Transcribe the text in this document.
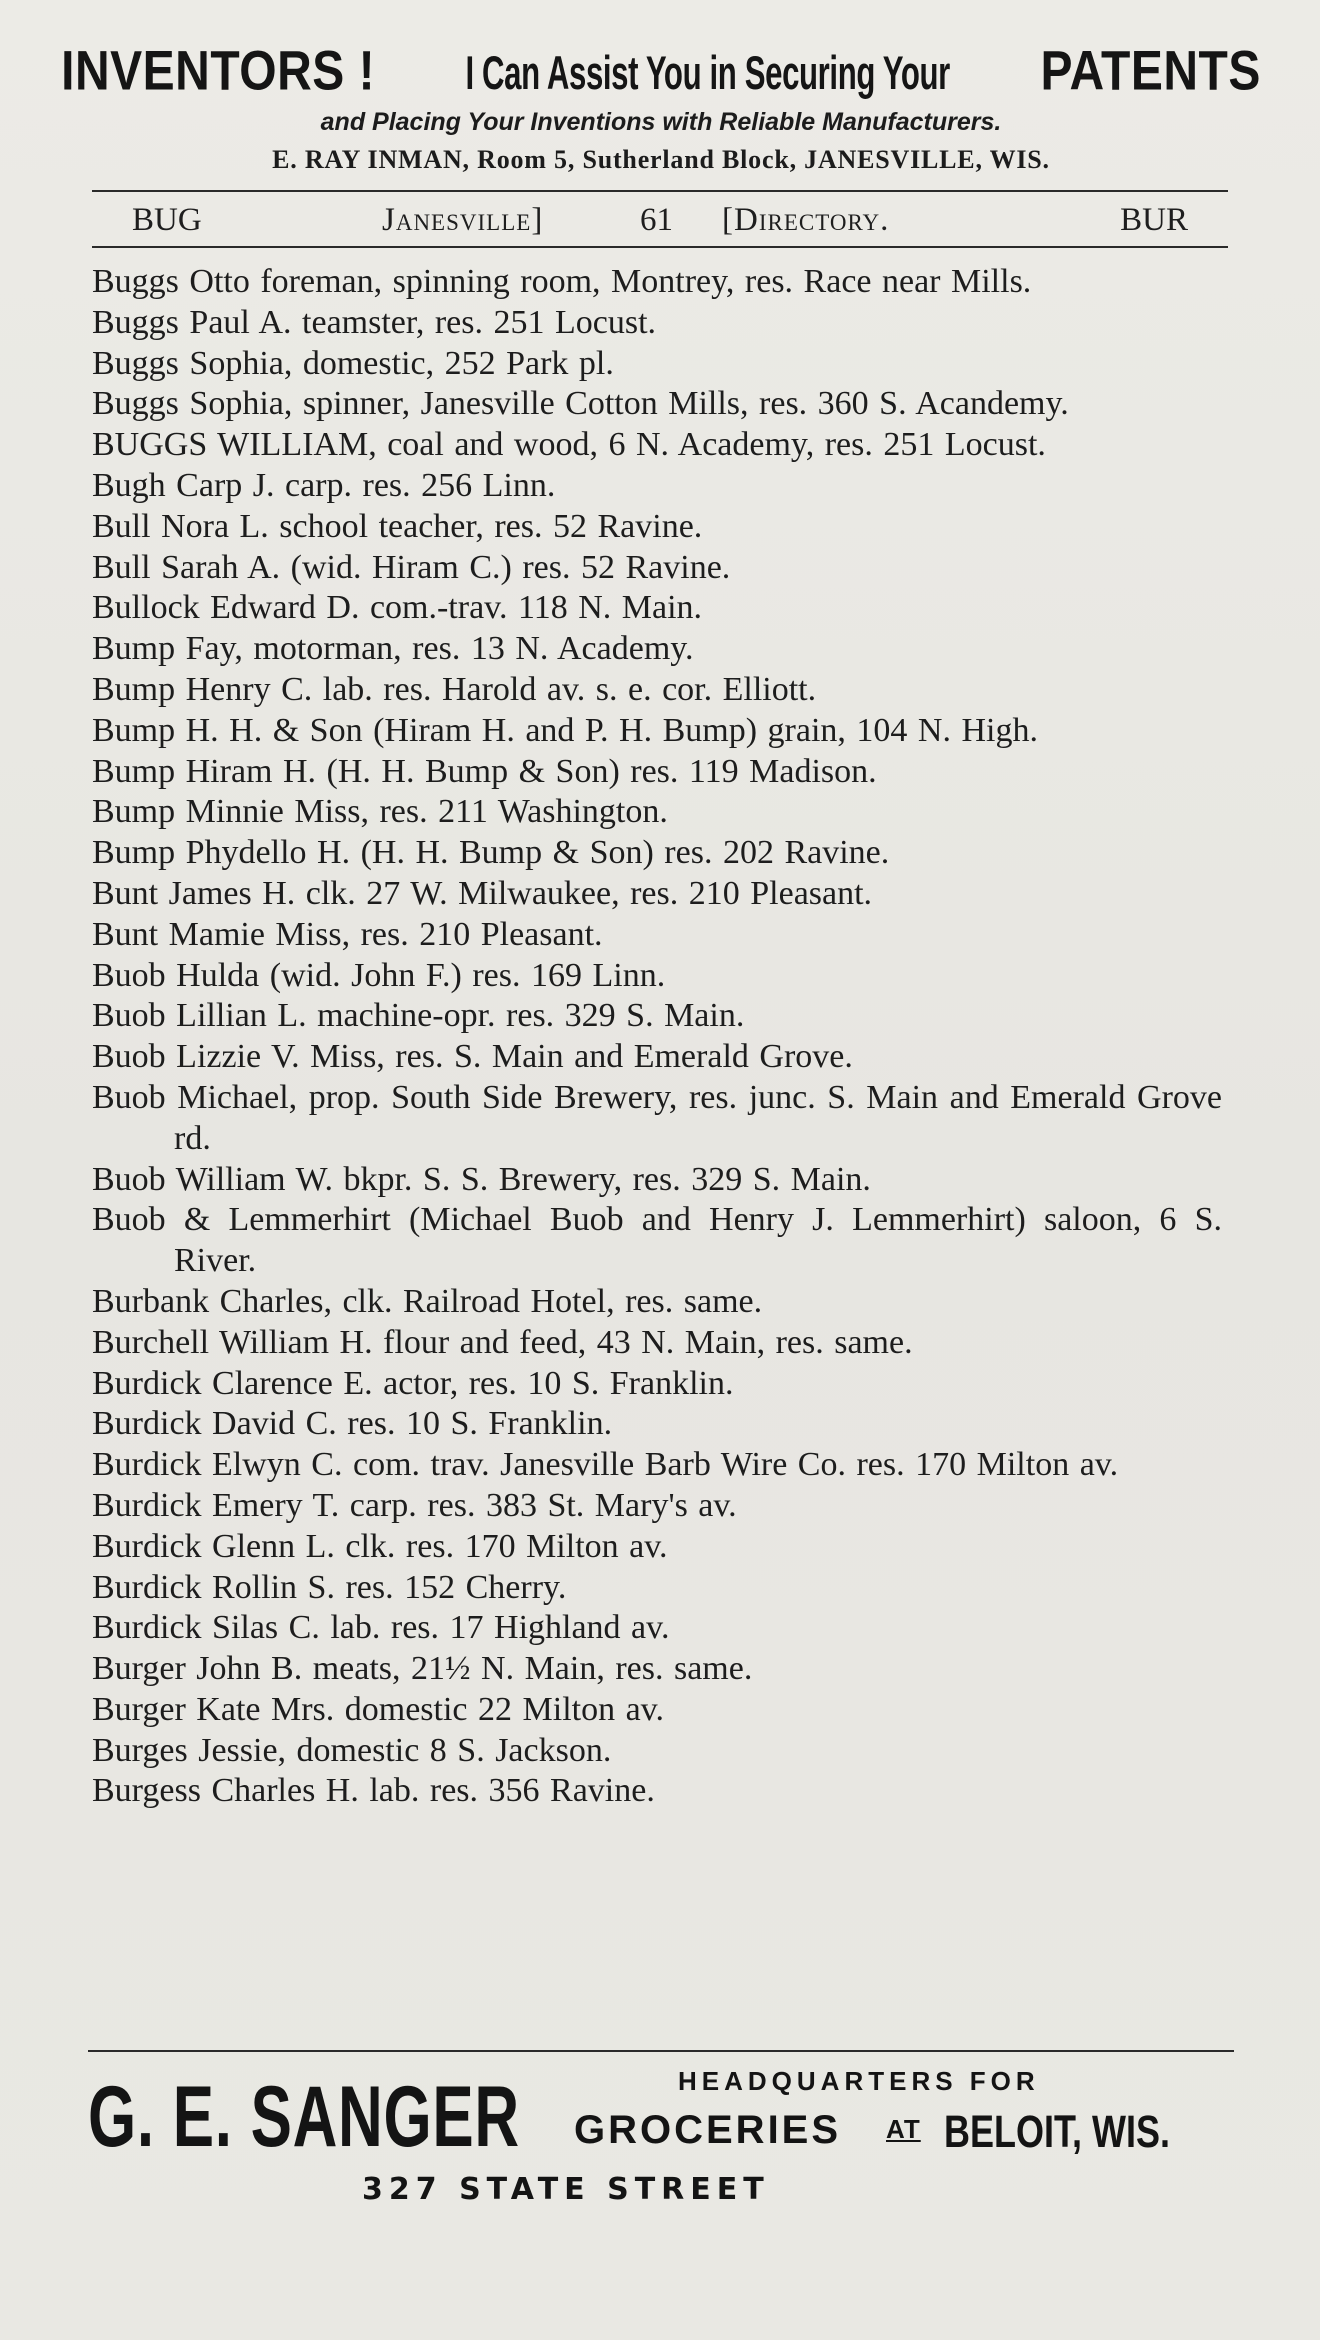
INVENTORS ! I Can Assist You in Securing Your PATENTS
and Placing Your Inventions with Reliable Manufacturers.
E. RAY INMAN, Room 5, Sutherland Block, JANESVILLE, WIS.
BUG	Janesville]	61 [Directory.	BUR
Buggs Otto foreman, spinning room, Montrey, res. Race near Mills.
Buggs Paul A. teamster, res. 251 Locust.
Buggs Sophia, domestic, 252 Park pl.
Buggs Sophia, spinner, Janesville Cotton Mills, res. 360 S. Acandemy.
BUGGS WILLIAM, coal and wood, 6 N. Academy, res. 251 Locust.
Bugh Carp J. carp. res. 256 Linn.
Bull Nora L. school teacher, res. 52 Ravine.
Bull Sarah A. (wid. Hiram C.) res. 52 Ravine.
Bullock Edward D. com.-trav. 118 N. Main.
Bump Fay, motorman, res. 13 N. Academy.
Bump Henry C. lab. res. Harold av. s. e. cor. Elliott.
Bump H. H. & Son (Hiram H. and P. H. Bump) grain, 104 N. High.
Bump Hiram H. (H. H. Bump & Son) res. 119 Madison.
Bump Minnie Miss, res. 211 Washington.
Bump Phydello H. (H. H. Bump & Son) res. 202 Ravine.
Bunt James H. clk. 27 W. Milwaukee, res. 210 Pleasant.
Bunt Mamie Miss, res. 210 Pleasant.
Buob Hulda (wid. John F.) res. 169 Linn.
Buob Lillian L. machine-opr. res. 329 S. Main.
Buob Lizzie V. Miss, res. S. Main and Emerald Grove.
Buob Michael, prop. South Side Brewery, res. junc. S. Main and Emerald Grove rd.
Buob William W. bkpr. S. S. Brewery, res. 329 S. Main.
Buob & Lemmerhirt (Michael Buob and Henry J. Lemmerhirt) saloon, 6 S. River.
Burbank Charles, clk. Railroad Hotel, res. same.
Burchell William H. flour and feed, 43 N. Main, res. same.
Burdick Clarence E. actor, res. 10 S. Franklin.
Burdick David C. res. 10 S. Franklin.
Burdick Elwyn C. com. trav. Janesville Barb Wire Co. res. 170 Milton av.
Burdick Emery T. carp. res. 383 St. Mary's av.
Burdick Glenn L. clk. res. 170 Milton av.
Burdick Rollin S. res. 152 Cherry.
Burdick Silas C. lab. res. 17 Highland av.
Burger John B. meats, 21½ N. Main, res. same.
Burger Kate Mrs. domestic 22 Milton av.
Burges Jessie, domestic 8 S. Jackson.
Burgess Charles H. lab. res. 356 Ravine.
G. E. SANGER	HEADQUARTERS FOR
GROCERIES AT BELOIT, WIS.
327 STATE STREET
